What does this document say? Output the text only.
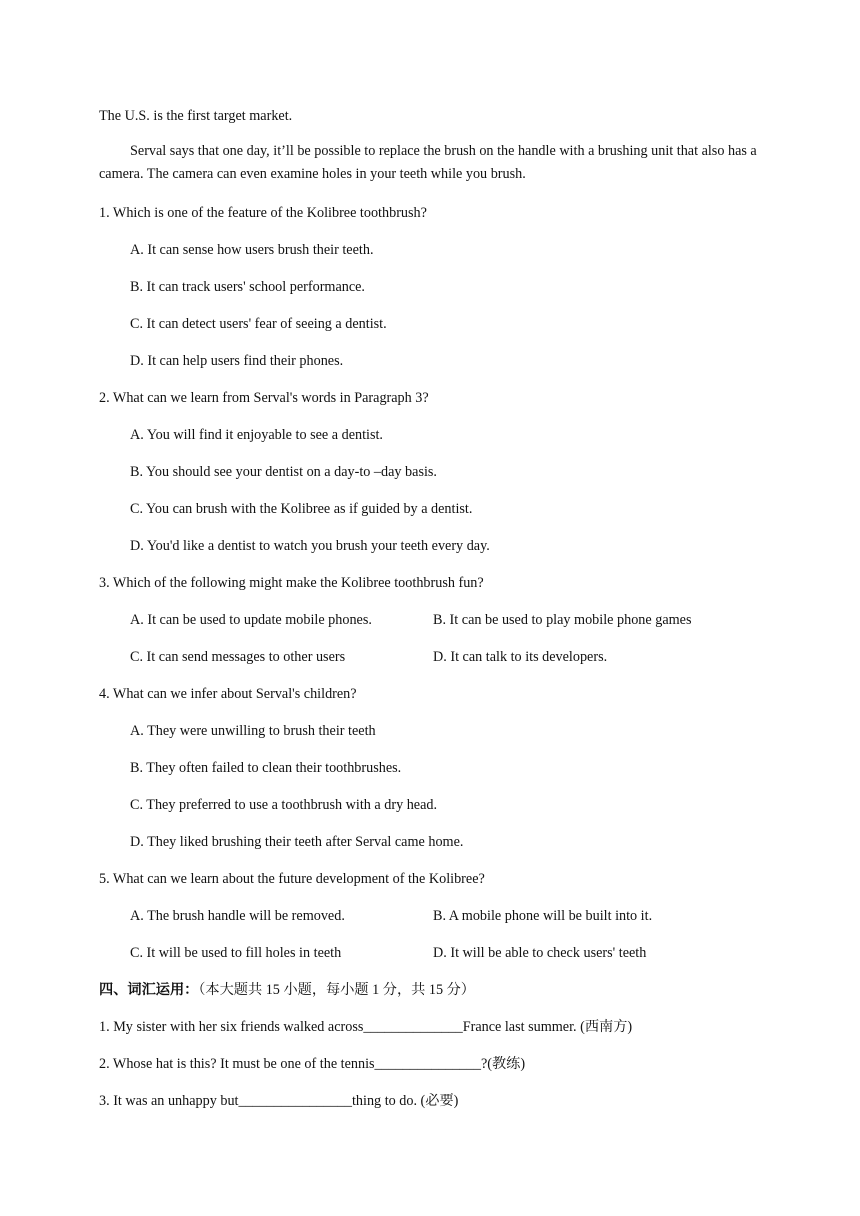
The U.S. is the first target market.
Serval says that one day, it’ll be possible to replace the brush on the handle with a brushing unit that also has a camera. The camera can even examine holes in your teeth while you brush.
1. Which is one of the feature of the Kolibree toothbrush?
A. It can sense how users brush their teeth.
B. It can track users' school performance.
C. It can detect users' fear of seeing a dentist.
D. It can help users find their phones.
2. What can we learn from Serval's words in Paragraph 3?
A. You will find it enjoyable to see a dentist.
B. You should see your dentist on a day-to –day basis.
C. You can brush with the Kolibree as if guided by a dentist.
D. You'd like a dentist to watch you brush your teeth every day.
3. Which of the following might make the Kolibree toothbrush fun?
A. It can be used to update mobile phones.	B. It can be used to play mobile phone games
C. It can send messages to other users	D. It can talk to its developers.
4. What can we infer about Serval's children?
A. They were unwilling to brush their teeth
B. They often failed to clean their toothbrushes.
C. They preferred to use a toothbrush with a dry head.
D. They liked brushing their teeth after Serval came home.
5. What can we learn about the future development of the Kolibree?
A. The brush handle will be removed.	B. A mobile phone will be built into it.
C. It will be used to fill holes in teeth	D. It will be able to check users' teeth
四、词汇运用：（本大题共 15 小题，每小题 1 分，共 15 分）
1. My sister with her six friends walked across______________France last summer. (西南方)
2. Whose hat is this? It must be one of the tennis_______________?(教练)
3. It was an unhappy but________________thing to do. (必要)
